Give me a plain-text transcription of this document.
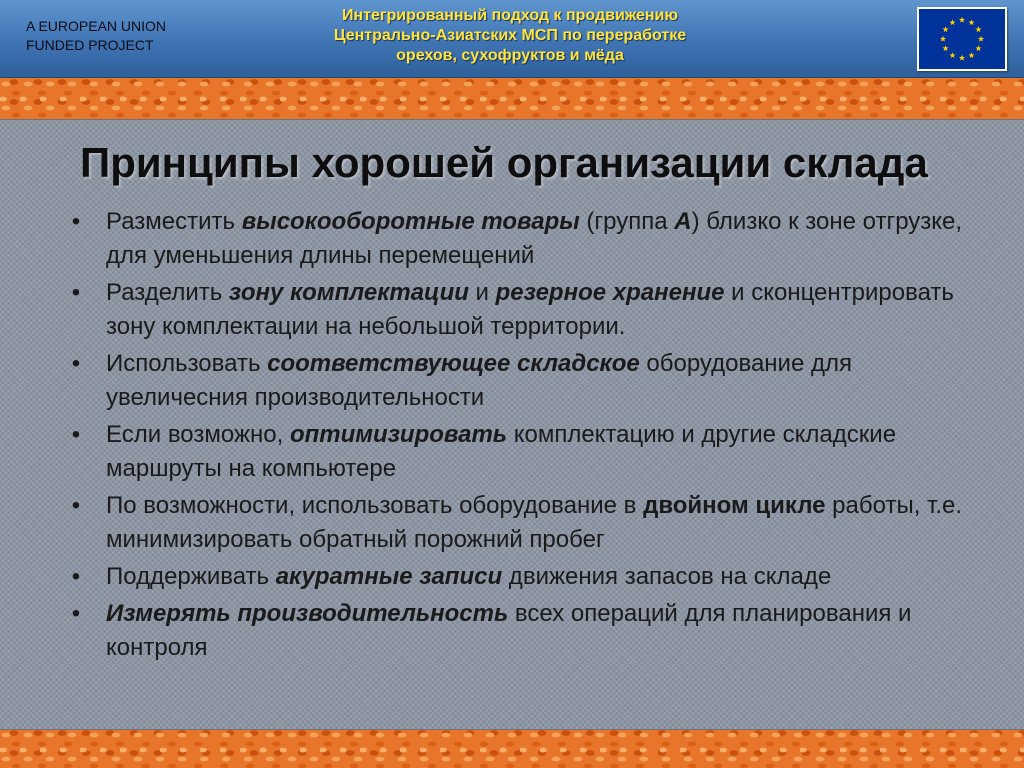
A EUROPEAN UNION
FUNDED PROJECT
Интегрированный подход к продвижению
Центрально-Азиатских МСП по переработке
орехов, сухофруктов и мёда
Принципы хорошей организации склада
• Разместить высокооборотные товары (группа А) близко к зоне отгрузке, для уменьшения длины перемещений
• Разделить зону комплектации и резерное хранение и сконцентрировать зону комплектации на небольшой территории.
• Использовать соответствующее складское оборудование для увеличесния производительности
• Если возможно, оптимизировать комплектацию и другие складские маршруты на компьютере
• По возможности, использовать оборудование в двойном цикле работы, т.е. минимизировать обратный порожний пробег
• Поддерживать акуратные записи движения запасов на складе
• Измерять производительность всех операций для планирования и контроля
